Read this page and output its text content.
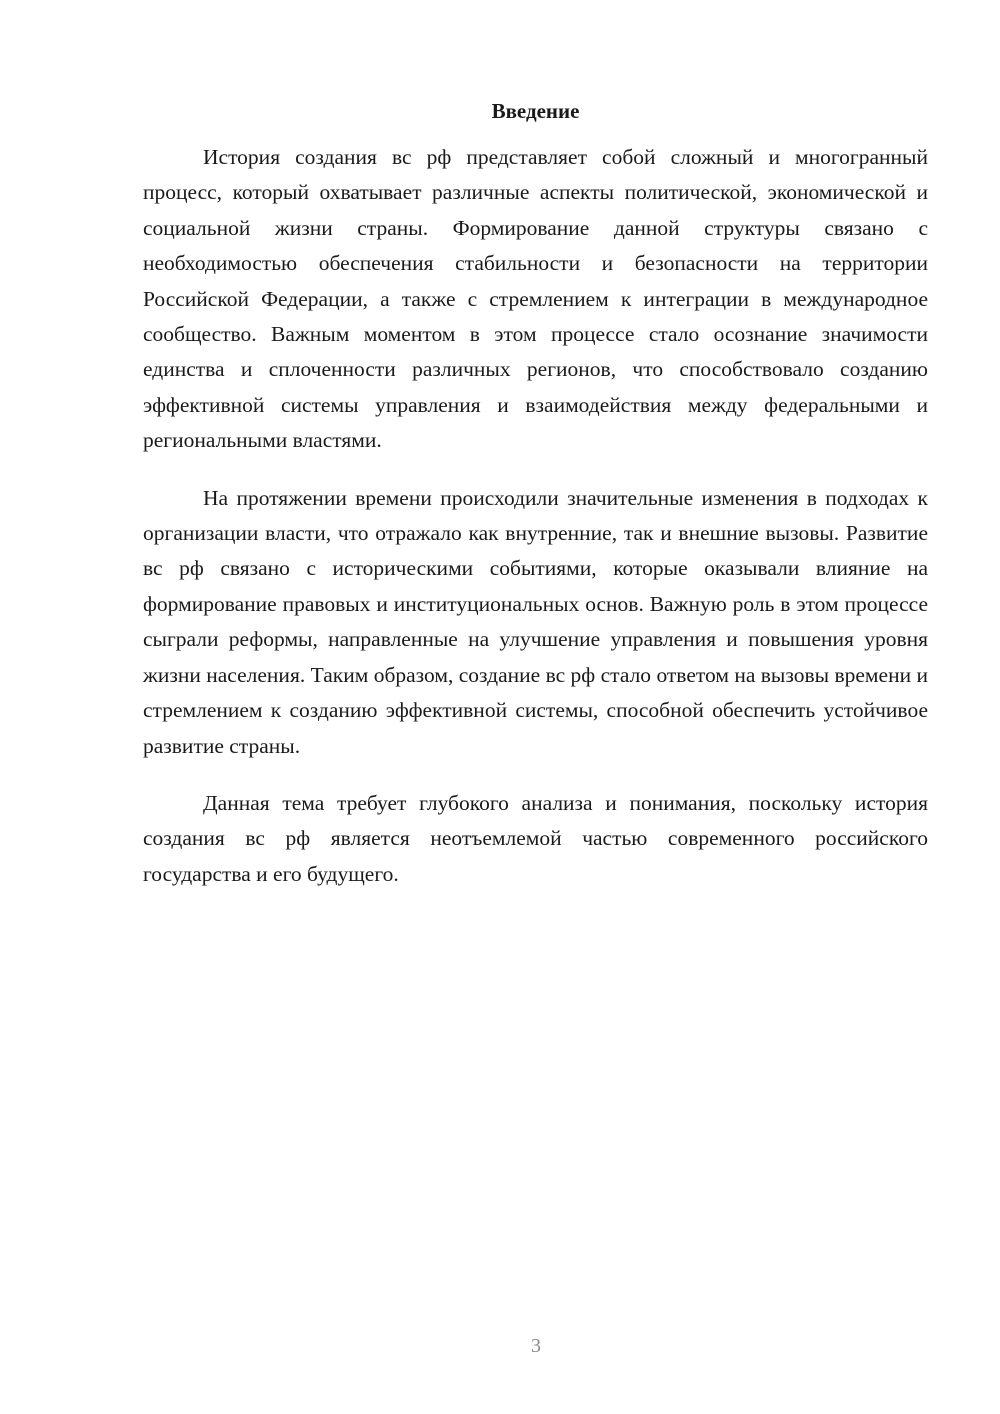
Введение

История создания вс рф представляет собой сложный и многогранный процесс, который охватывает различные аспекты политической, экономической и социальной жизни страны. Формирование данной структуры связано с необходимостью обеспечения стабильности и безопасности на территории Российской Федерации, а также с стремлением к интеграции в международное сообщество. Важным моментом в этом процессе стало осознание значимости единства и сплоченности различных регионов, что способствовало созданию эффективной системы управления и взаимодействия между федеральными и региональными властями.

На протяжении времени происходили значительные изменения в подходах к организации власти, что отражало как внутренние, так и внешние вызовы. Развитие вс рф связано с историческими событиями, которые оказывали влияние на формирование правовых и институциональных основ. Важную роль в этом процессе сыграли реформы, направленные на улучшение управления и повышения уровня жизни населения. Таким образом, создание вс рф стало ответом на вызовы времени и стремлением к созданию эффективной системы, способной обеспечить устойчивое развитие страны.

Данная тема требует глубокого анализа и понимания, поскольку история создания вс рф является неотъемлемой частью современного российского государства и его будущего.

3
